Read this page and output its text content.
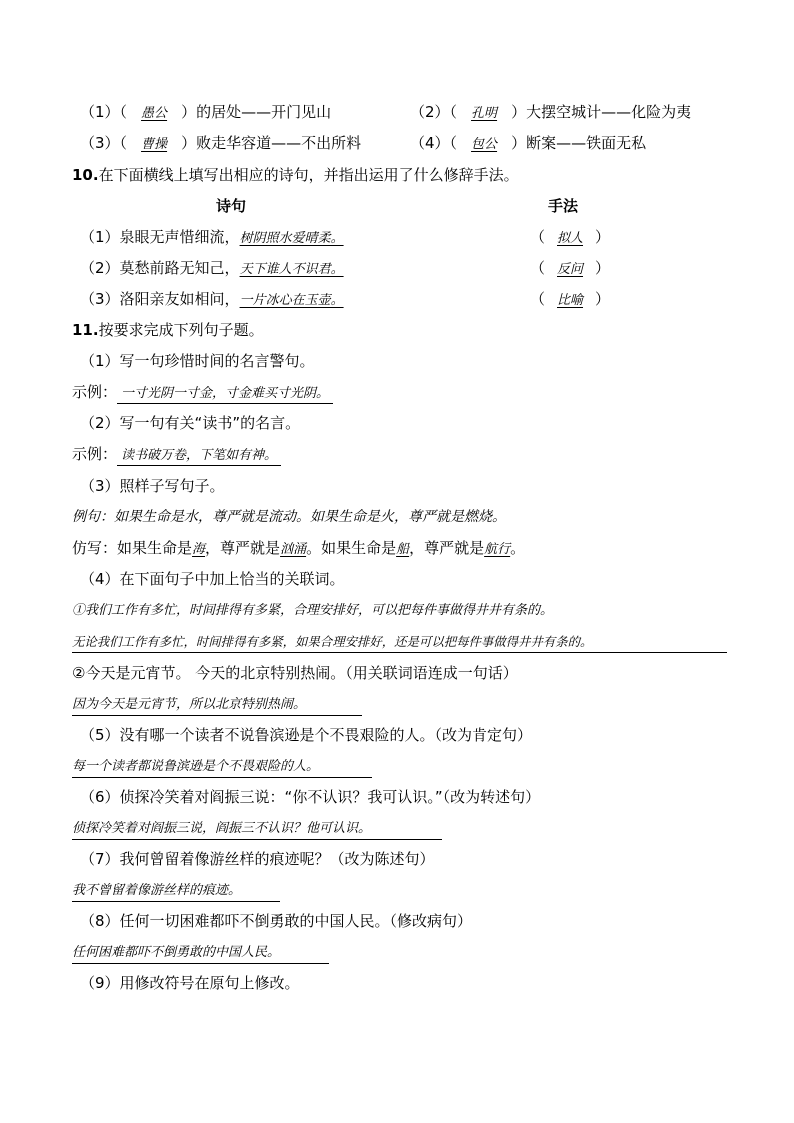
（1）（ 愚公 ）的居处——开门见山	（2）（ 孔明 ）大摆空城计——化险为夷
（3）（ 曹操 ）败走华容道——不出所料	（4）（ 包公 ）断案——铁面无私
10.在下面横线上填写出相应的诗句，并指出运用了什么修辞手法。
诗句	手法
（1）泉眼无声惜细流，树阴照水爱晴柔。	（ 拟人 ）
（2）莫愁前路无知己，天下谁人不识君。	（ 反问 ）
（3）洛阳亲友如相问，一片冰心在玉壶。	（ 比喻 ）
11.按要求完成下列句子题。
（1）写一句珍惜时间的名言警句。
示例： 一寸光阴一寸金，寸金难买寸光阴。
（2）写一句有关“读书”的名言。
示例： 读书破万卷，下笔如有神。
（3）照样子写句子。
例句：如果生命是水，尊严就是流动。如果生命是火，尊严就是燃烧。
仿写：如果生命是海，尊严就是汹涌。如果生命是船，尊严就是航行。
（4）在下面句子中加上恰当的关联词。
①我们工作有多忙，时间排得有多紧，合理安排好，可以把每件事做得井井有条的。
无论我们工作有多忙，时间排得有多紧，如果合理安排好，还是可以把每件事做得井井有条的。
②今天是元宵节。 今天的北京特别热闹。（用关联词语连成一句话）
因为今天是元宵节，所以北京特别热闹。
（5）没有哪一个读者不说鲁滨逊是个不畏艰险的人。（改为肯定句）
每一个读者都说鲁滨逊是个不畏艰险的人。
（6）侦探冷笑着对阎振三说：“你不认识？我可认识。”（改为转述句）
侦探冷笑着对阎振三说，阎振三不认识？他可认识。
（7）我何曾留着像游丝样的痕迹呢？（改为陈述句）
我不曾留着像游丝样的痕迹。
（8）任何一切困难都吓不倒勇敢的中国人民。（修改病句）
任何困难都吓不倒勇敢的中国人民。
（9）用修改符号在原句上修改。
